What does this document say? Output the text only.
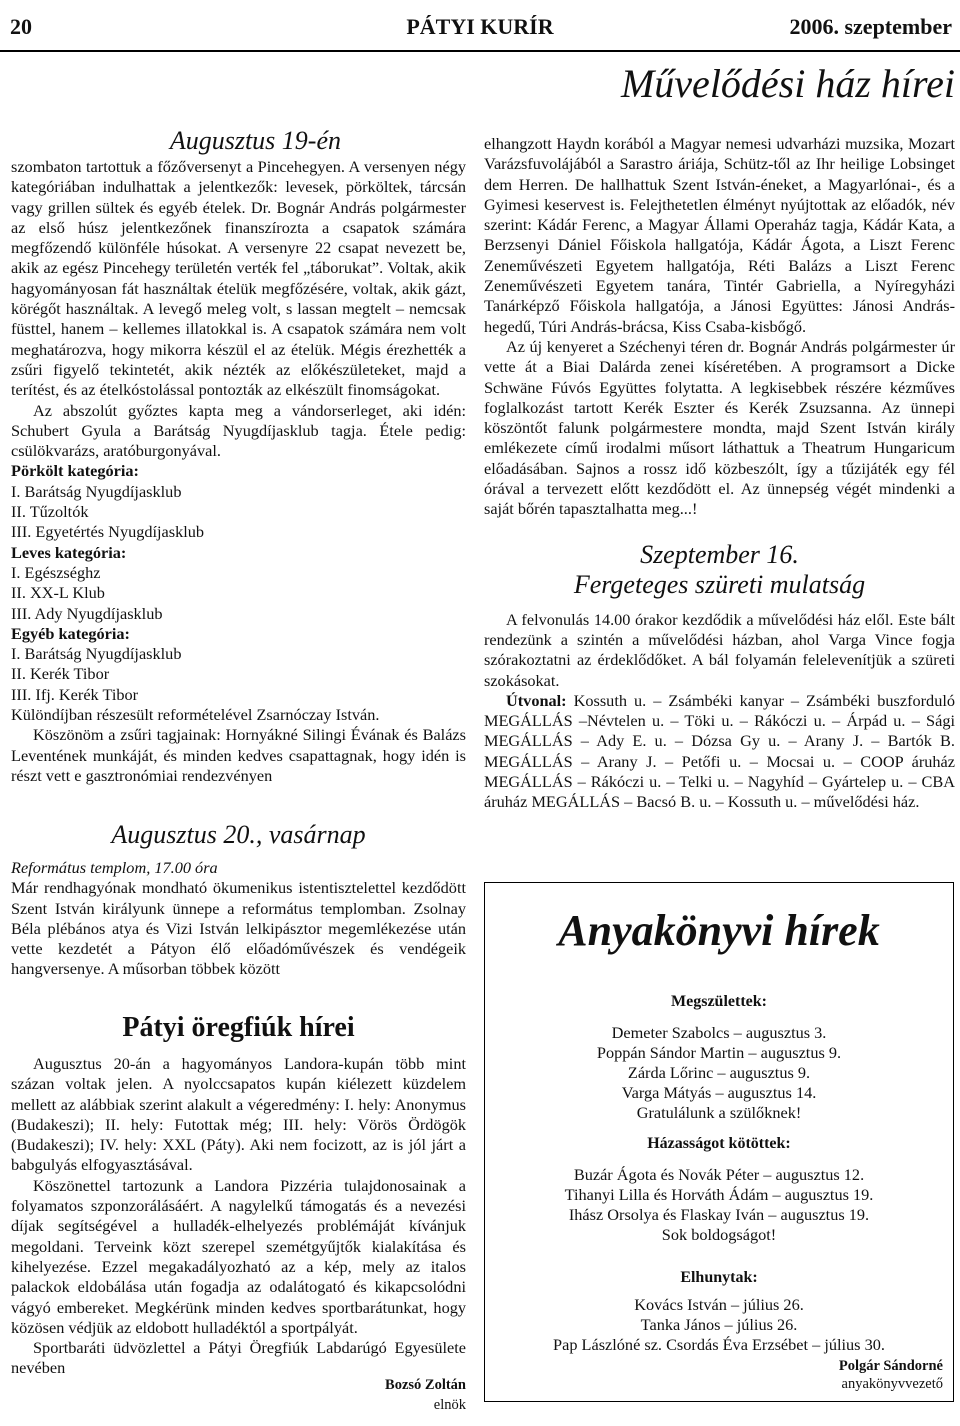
20	PÁTYI KURÍR	2006. szeptember
Művelődési ház hírei

Augusztus 19-én

szombaton tartottuk a főzőversenyt a Pincehegyen. A versenyen négy kategóriában indulhattak a jelentkezők: levesek, pörköltek, tárcsán vagy grillen sültek és egyéb ételek. Dr. Bognár András polgármester az első húsz jelentkezőnek finanszírozta a csapatok számára megfőzendő különféle húsokat. A versenyre 22 csapat nevezett be, akik az egész Pincehegy területén verték fel „táborukat”. Voltak, akik hagyományosan fát használtak ételük megfőzésére, voltak, akik gázt, körégőt használtak. A levegő meleg volt, s lassan megtelt – nemcsak füsttel, hanem – kellemes illatokkal is. A csapatok számára nem volt meghatározva, hogy mikorra készül el az ételük. Mégis érezhették a zsűri figyelő tekintetét, akik nézték az előkészületeket, majd a terítést, és az ételkóstolással pontozták az elkészült finomságokat.

Az abszolút győztes kapta meg a vándorserleget, aki idén: Schubert Gyula a Barátság Nyugdíjasklub tagja. Étele pedig: csülökvarázs, aratóburgonyával.

Pörkölt kategória:

I. Barátság Nyugdíjasklub

II. Tűzoltók

III. Egyetértés Nyugdíjasklub

Leves kategória:

I. Egészséghz

II. XX-L Klub

III. Ady Nyugdíjasklub

Egyéb kategória:

I. Barátság Nyugdíjasklub

II. Kerék Tibor

III. Ifj. Kerék Tibor

Különdíjban részesült reformételével Zsarnóczay István.

Köszönöm a zsűri tagjainak: Hornyákné Silingi Évának és Balázs Leventének munkáját, és minden kedves csapattagnak, hogy idén is részt vett e gasztronómiai rendezvényen

Augusztus 20., vasárnap

Református templom, 17.00 óra

Már rendhagyónak mondható ökumenikus istentisztelettel kezdődött Szent István királyunk ünnepe a református templomban. Zsolnay Béla plébános atya és Vizi István lelkipásztor megemlékezése után vette kezdetét a Pátyon élő előadóművészek és vendégeik hangversenye. A műsorban többek között

Pátyi öregfiúk hírei

Augusztus 20-án a hagyományos Landora-kupán több mint százan voltak jelen. A nyolccsapatos kupán kiélezett küzdelem mellett az alábbiak szerint alakult a végeredmény: I. hely: Anonymus (Budakeszi); II. hely: Futottak még; III. hely: Vörös Ördögök (Budakeszi); IV. hely: XXL (Páty). Aki nem focizott, az is jól járt a babgulyás elfogyasztásával.

Köszönettel tartozunk a Landora Pizzéria tulajdonosainak a folyamatos szponzorálásáért. A nagylelkű támogatás és a nevezési díjak segítségével a hulladék-elhelyezés problémáját kívánjuk megoldani. Terveink közt szerepel szemétgyűjtők kialakítása és kihelyezése. Ezzel megakadályozható az a kép, mely az italos palackok eldobálása után fogadja az odalátogató és kikapcsolódni vágyó embereket. Megkérünk minden kedves sportbarátunkat, hogy közösen védjük az eldobott hulladéktól a sportpályát.

Sportbaráti üdvözlettel a Pátyi Öregfiúk Labdarúgó Egyesülete nevében

Bozsó Zoltán

elnök

elhangzott Haydn korából a Magyar nemesi udvarházi muzsika, Mozart Varázsfuvolájából a Sarastro áriája, Schütz-től az Ihr heilige Lobsinget dem Herren. De hallhattuk Szent István-éneket, a Magyarlónai-, és a Gyimesi keservest is. Felejthetetlen élményt nyújtottak az előadók, név szerint: Kádár Ferenc, a Magyar Állami Operaház tagja, Kádár Kata, a Berzsenyi Dániel Főiskola hallgatója, Kádár Ágota, a Liszt Ferenc Zeneművészeti Egyetem hallgatója, Réti Balázs a Liszt Ferenc Zeneművészeti Egyetem tanára, Tintér Gabriella, a Nyíregyházi Tanárképző Főiskola hallgatója, a Jánosi Együttes: Jánosi András-hegedű, Túri András-brácsa, Kiss Csaba-kisbőgő.

Az új kenyeret a Széchenyi téren dr. Bognár András polgármester úr vette át a Biai Dalárda zenei kíséretében. A programsort a Dicke Schwäne Fúvós Együttes folytatta. A legkisebbek részére kézműves foglalkozást tartott Kerék Eszter és Kerék Zsuzsanna. Az ünnepi köszöntőt falunk polgármestere mondta, majd Szent István király emlékezete című irodalmi műsort láthattuk a Theatrum Hungaricum előadásában. Sajnos a rossz idő közbeszólt, így a tűzijáték egy fél órával a tervezett előtt kezdődött el. Az ünnepség végét mindenki a saját bőrén tapasztalhatta meg...!

Szeptember 16.

Fergeteges szüreti mulatság

A felvonulás 14.00 órakor kezdődik a művelődési ház elől. Este bált rendezünk a szintén a művelődési házban, ahol Varga Vince fogja szórakoztatni az érdeklődőket. A bál folyamán felelevenítjük a szüreti szokásokat.

Útvonal: Kossuth u. – Zsámbéki kanyar – Zsámbéki buszforduló MEGÁLLÁS –Névtelen u. – Töki u. – Rákóczi u. – Árpád u. – Sági MEGÁLLÁS – Ady E. u. – Dózsa Gy u. – Arany J. – Bartók B. MEGÁLLÁS – Arany J. – Petőfi u. – Mocsai u. – COOP áruház MEGÁLLÁS – Rákóczi u. – Telki u. – Nagyhíd – Gyártelep u. – CBA áruház MEGÁLLÁS – Bacsó B. u. – Kossuth u. – művelődési ház.

Anyakönyvi hírek
Megszülettek:
Demeter Szabolcs – augusztus 3.
Poppán Sándor Martin – augusztus 9.
Zárda Lőrinc – augusztus 9.
Varga Mátyás – augusztus 14.
Gratulálunk a szülőknek!
Házasságot kötöttek:
Buzár Ágota és Novák Péter – augusztus 12.
Tihanyi Lilla és Horváth Ádám – augusztus 19.
Ihász Orsolya és Flaskay Iván – augusztus 19.
Sok boldogságot!
Elhunytak:
Kovács István – július 26.
Tanka János – július 26.
Pap Lászlóné sz. Csordás Éva Erzsébet – július 30.
Polgár Sándorné
anyakönyvvezető
